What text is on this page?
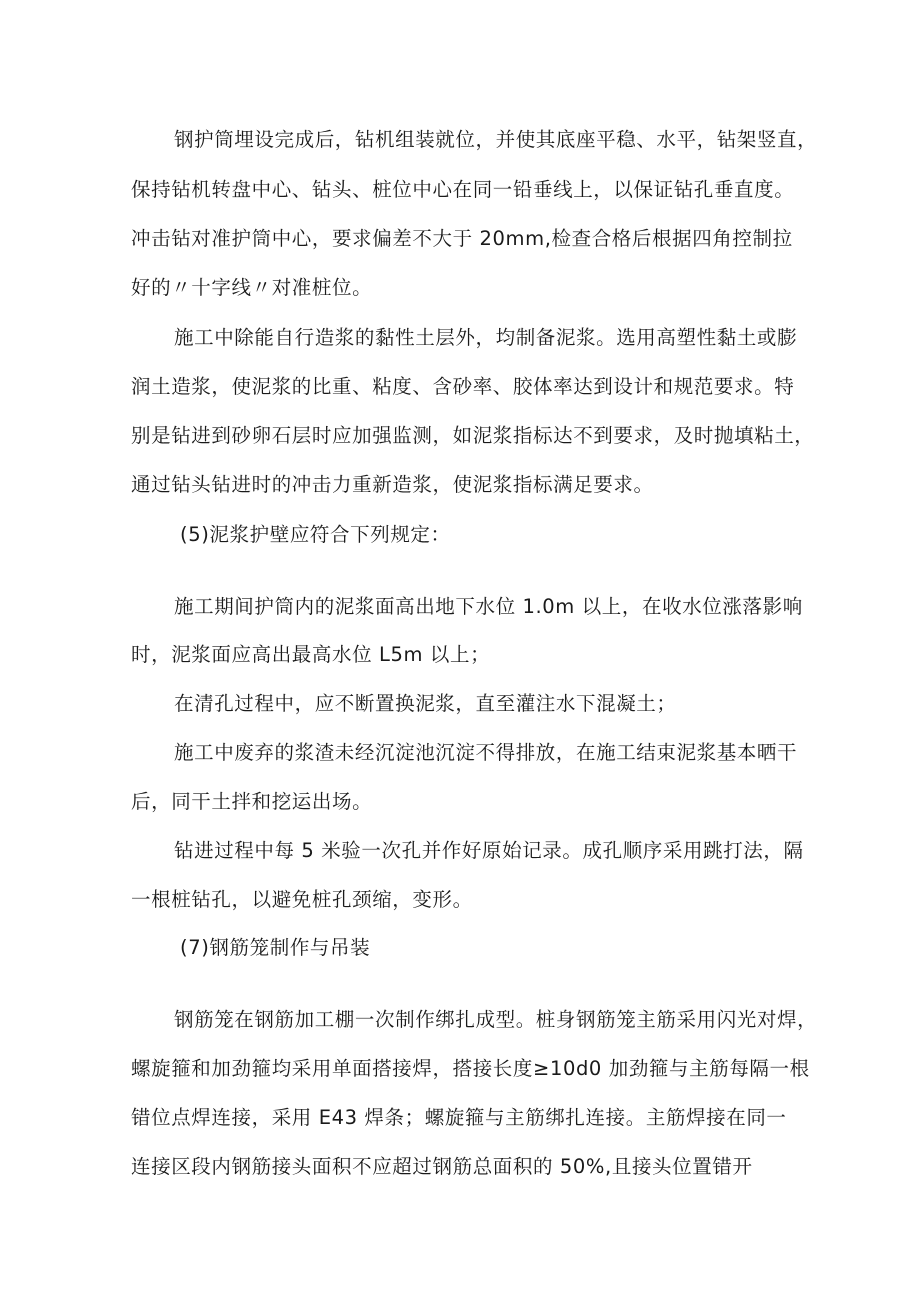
钢护筒埋设完成后，钻机组装就位，并使其底座平稳、水平，钻架竖直，
保持钻机转盘中心、钻头、桩位中心在同一铅垂线上，以保证钻孔垂直度。
冲击钻对准护筒中心，要求偏差不大于 20mm,检查合格后根据四角控制拉
好的〃十字线〃对准桩位。
施工中除能自行造浆的黏性土层外，均制备泥浆。选用高塑性黏土或膨
润土造浆，使泥浆的比重、粘度、含砂率、胶体率达到设计和规范要求。特
别是钻进到砂卵石层时应加强监测，如泥浆指标达不到要求，及时抛填粘土，
通过钻头钻进时的冲击力重新造浆，使泥浆指标满足要求。
(5)泥浆护壁应符合下列规定：
施工期间护筒内的泥浆面高出地下水位 1.0m 以上，在收水位涨落影响
时，泥浆面应高出最高水位 L5m 以上；
在清孔过程中，应不断置换泥浆，直至灌注水下混凝土；
施工中废弃的浆渣未经沉淀池沉淀不得排放，在施工结束泥浆基本晒干
后，同干土拌和挖运出场。
钻进过程中每 5 米验一次孔并作好原始记录。成孔顺序采用跳打法，隔
一根桩钻孔，以避免桩孔颈缩，变形。
(7)钢筋笼制作与吊装
钢筋笼在钢筋加工棚一次制作绑扎成型。桩身钢筋笼主筋采用闪光对焊，
螺旋箍和加劲箍均采用单面搭接焊，搭接长度≥10d0 加劲箍与主筋每隔一根
错位点焊连接，采用 E43 焊条；螺旋箍与主筋绑扎连接。主筋焊接在同一
连接区段内钢筋接头面积不应超过钢筋总面积的 50%,且接头位置错开
